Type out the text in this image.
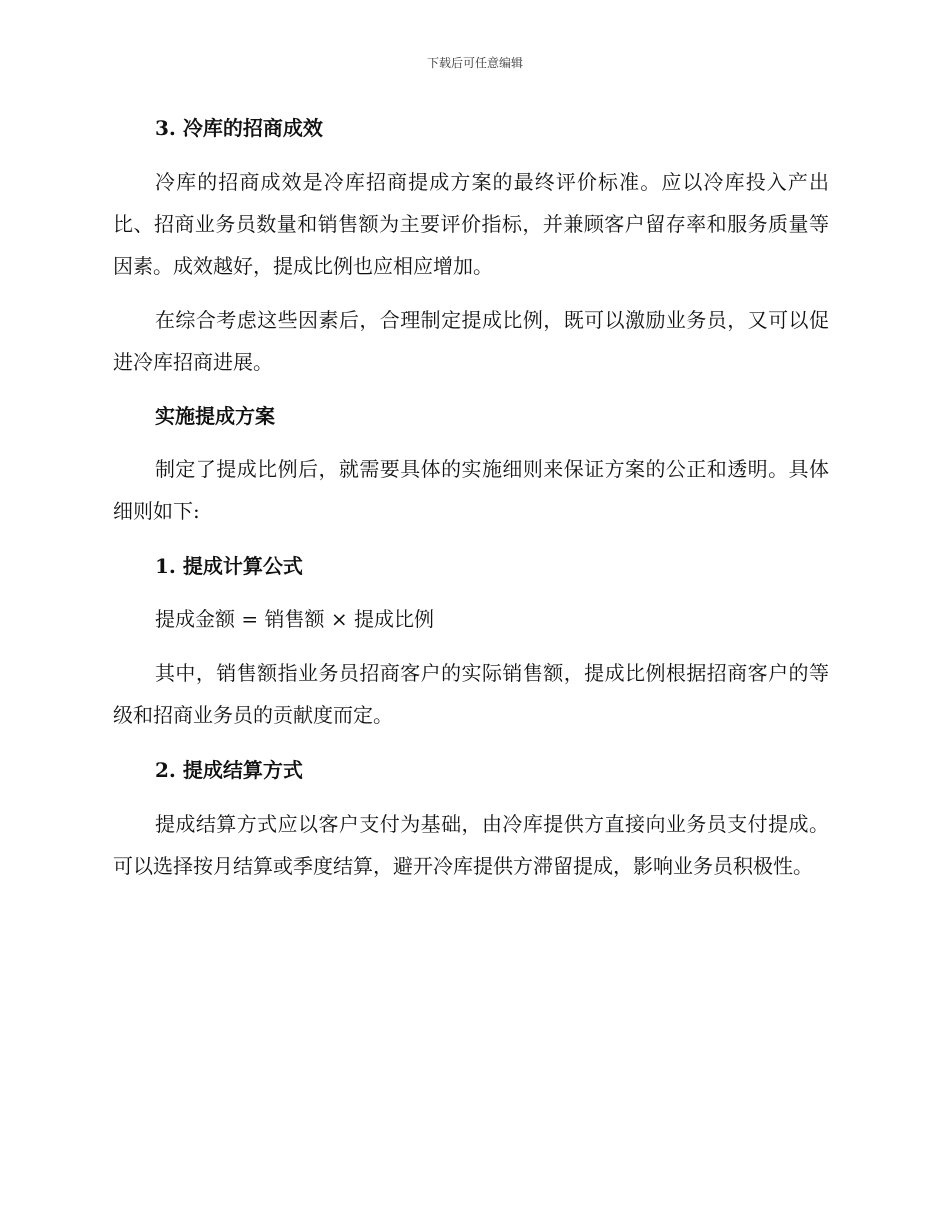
下载后可任意编辑

3. 冷库的招商成效

冷库的招商成效是冷库招商提成方案的最终评价标准。应以冷库投入产出比、招商业务员数量和销售额为主要评价指标，并兼顾客户留存率和服务质量等因素。成效越好，提成比例也应相应增加。

在综合考虑这些因素后，合理制定提成比例，既可以激励业务员，又可以促进冷库招商进展。

实施提成方案

制定了提成比例后，就需要具体的实施细则来保证方案的公正和透明。具体细则如下:

1. 提成计算公式

提成金额 = 销售额 × 提成比例

其中，销售额指业务员招商客户的实际销售额，提成比例根据招商客户的等级和招商业务员的贡献度而定。

2. 提成结算方式

提成结算方式应以客户支付为基础，由冷库提供方直接向业务员支付提成。可以选择按月结算或季度结算，避开冷库提供方滞留提成，影响业务员积极性。
